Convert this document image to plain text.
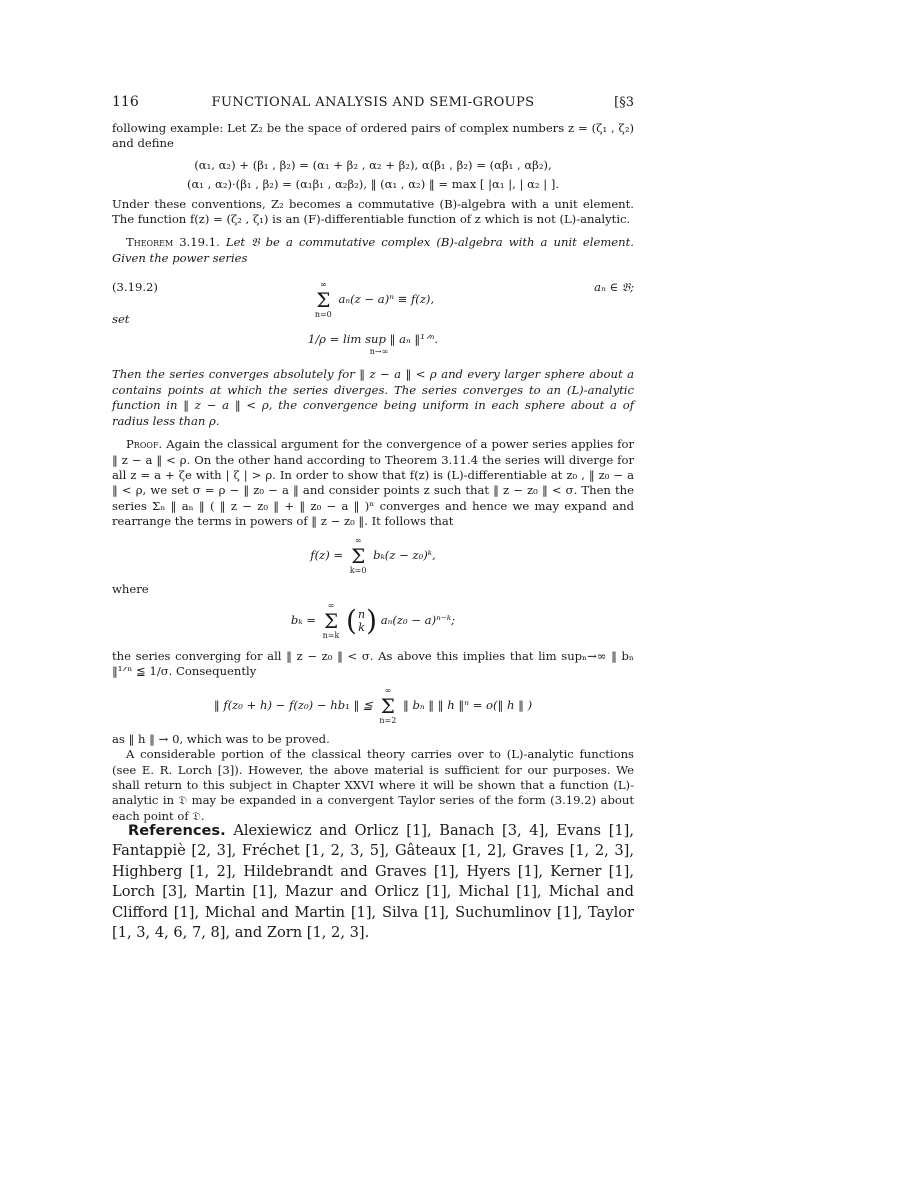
116	FUNCTIONAL ANALYSIS AND SEMI-GROUPS	[§3

following example: Let Z₂ be the space of ordered pairs of complex numbers z = (ζ₁ , ζ₂) and define

(α₁, α₂) + (β₁ , β₂) = (α₁ + β₂ , α₂ + β₂), α(β₁ , β₂) = (αβ₁ , αβ₂),
(α₁ , α₂)·(β₁ , β₂) = (α₁β₁ , α₂β₂), ‖ (α₁ , α₂) ‖ = max [ |α₁ |, | α₂ | ].

Under these conventions, Z₂ becomes a commutative (B)-algebra with a unit element. The function f(z) = (ζ₂ , ζ₁) is an (F)-differentiable function of z which is not (L)-analytic.

Theorem 3.19.1. Let 𝔅 be a commutative complex (B)-algebra with a unit element. Given the power series

(3.19.2)	∞
Σ
n=0
aₙ(z − a)ⁿ ≡ f(z),
aₙ ∈ 𝔅;

set

1/ρ = lim sup ‖ aₙ ‖¹ᐟⁿ.
$^{n\to\infty}$

Then the series converges absolutely for ‖ z − a ‖ < ρ and every larger sphere about a contains points at which the series diverges. The series converges to an (L)-analytic function in ‖ z − a ‖ < ρ, the convergence being uniform in each sphere about a of radius less than ρ.

Proof. Again the classical argument for the convergence of a power series applies for ‖ z − a ‖ < ρ. On the other hand according to Theorem 3.11.4 the series will diverge for all z = a + ζe with | ζ | > ρ. In order to show that f(z) is (L)-differentiable at z₀ , ‖ z₀ − a ‖ < ρ, we set σ = ρ − ‖ z₀ − a ‖ and consider points z such that ‖ z − z₀ ‖ < σ. Then the series Σₙ ‖ aₙ ‖ ( ‖ z − z₀ ‖ + ‖ z₀ − a ‖ )ⁿ converges and hence we may expand and rearrange the terms in powers of ‖ z − z₀ ‖. It follows that

f(z) =
∞
Σ
k=0
bₖ(z − z₀)ᵏ,

where

bₖ =
∞
Σ
n=k (n
k) aₙ(z₀ − a)ⁿ⁻ᵏ;

the series converging for all ‖ z − z₀ ‖ < σ. As above this implies that lim supₙ→∞ ‖ bₙ ‖¹ᐟⁿ ≦ 1/σ. Consequently

‖ f(z₀ + h) − f(z₀) − hb₁ ‖ ≦
∞
Σ
n=2
‖ bₙ ‖ ‖ h ‖ⁿ = o(‖ h ‖ )

as ‖ h ‖ → 0, which was to be proved.

A considerable portion of the classical theory carries over to (L)-analytic functions (see E. R. Lorch [3]). However, the above material is sufficient for our purposes. We shall return to this subject in Chapter XXVI where it will be shown that a function (L)-analytic in 𝔇 may be expanded in a convergent Taylor series of the form (3.19.2) about each point of 𝔇.

References. Alexiewicz and Orlicz [1], Banach [3, 4], Evans [1], Fantappiè [2, 3], Fréchet [1, 2, 3, 5], Gâteaux [1, 2], Graves [1, 2, 3], Highberg [1, 2], Hildebrandt and Graves [1], Hyers [1], Kerner [1], Lorch [3], Martin [1], Mazur and Orlicz [1], Michal [1], Michal and Clifford [1], Michal and Martin [1], Silva [1], Suchumlinov [1], Taylor [1, 3, 4, 6, 7, 8], and Zorn [1, 2, 3].
